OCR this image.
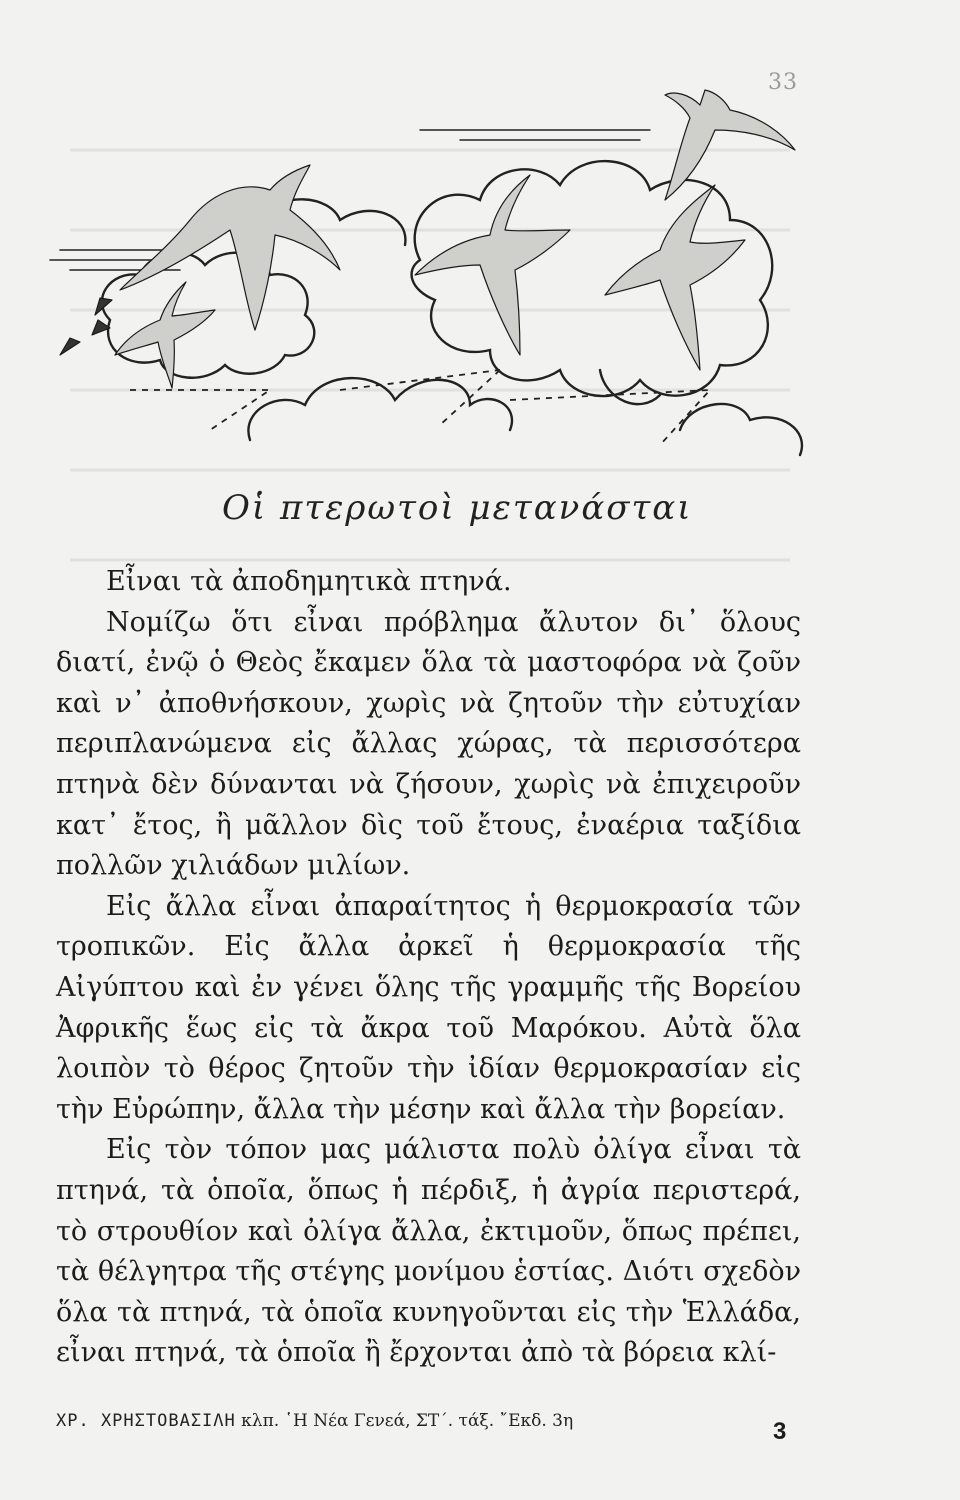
33
Οἱ πτερωτοὶ μετανάσται

Εἶναι τὰ ἀποδημητικὰ πτηνά.

Νομίζω ὅτι εἶναι πρόβλημα ἄλυτον δι᾽ ὅλους διατί, ἐνῷ ὁ Θεὸς ἔκαμεν ὅλα τὰ μαστοφόρα νὰ ζοῦν καὶ ν᾽ ἀποθνήσκουν, χωρὶς νὰ ζητοῦν τὴν εὐτυχίαν περιπλανώμενα εἰς ἄλλας χώρας, τὰ περισσότερα πτηνὰ δὲν δύνανται νὰ ζήσουν, χωρὶς νὰ ἐπιχειροῦν κατ᾽ ἔτος, ἢ μᾶλλον δὶς τοῦ ἔτους, ἐναέρια ταξίδια πολλῶν χιλιάδων μιλίων.

Εἰς ἄλλα εἶναι ἀπαραίτητος ἡ θερμοκρασία τῶν τροπικῶν. Εἰς ἄλλα ἀρκεῖ ἡ θερμοκρασία τῆς Αἰγύπτου καὶ ἐν γένει ὅλης τῆς γραμμῆς τῆς Βορείου Ἀφρικῆς ἕως εἰς τὰ ἄκρα τοῦ Μαρόκου. Αὐτὰ ὅλα λοιπὸν τὸ θέρος ζητοῦν τὴν ἰδίαν θερμοκρασίαν εἰς τὴν Εὐρώπην, ἄλλα τὴν μέσην καὶ ἄλλα τὴν βορείαν.

Εἰς τὸν τόπον μας μάλιστα πολὺ ὀλίγα εἶναι τὰ πτηνά, τὰ ὁποῖα, ὅπως ἡ πέρδιξ, ἡ ἀγρία περιστερά, τὸ στρουθίον καὶ ὀλίγα ἄλλα, ἐκτιμοῦν, ὅπως πρέπει, τὰ θέλγητρα τῆς στέγης μονίμου ἑστίας. Διότι σχεδὸν ὅλα τὰ πτηνά, τὰ ὁποῖα κυνηγοῦνται εἰς τὴν Ἑλλάδα, εἶναι πτηνά, τὰ ὁποῖα ἢ ἔρχονται ἀπὸ τὰ βόρεια κλί-

ΧΡ. ΧΡΗΣΤΟΒΑΣΙΛΗ κλπ. ῾Η Νέα Γενεά, ΣΤ΄. τάξ. ῎Εκδ. 3η	3
